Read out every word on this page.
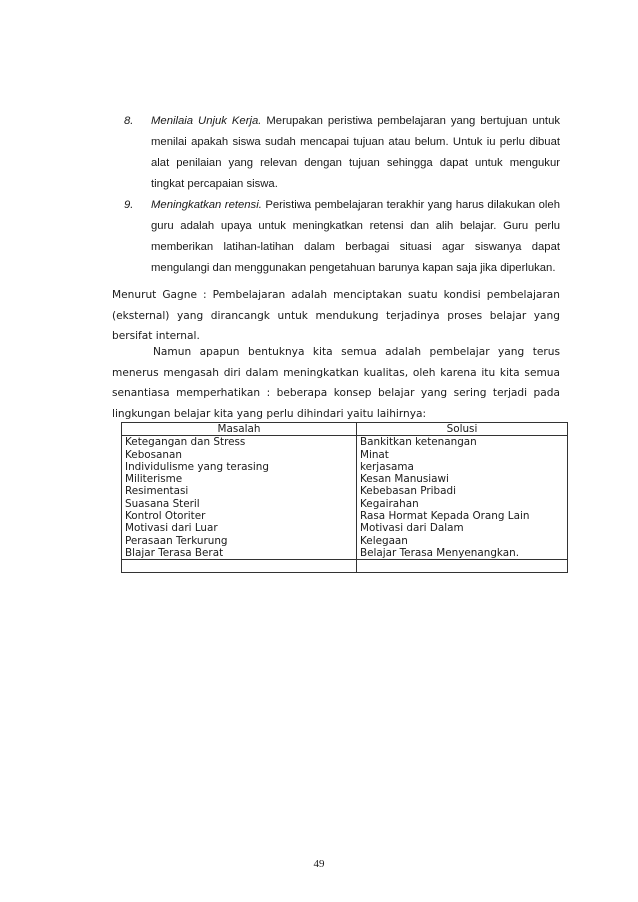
8. Menilaia Unjuk Kerja. Merupakan peristiwa pembelajaran yang bertujuan untuk menilai apakah siswa sudah mencapai tujuan atau belum. Untuk iu perlu dibuat alat penilaian yang relevan dengan tujuan sehingga dapat untuk mengukur tingkat percapaian siswa.
9. Meningkatkan retensi. Peristiwa pembelajaran terakhir yang harus dilakukan oleh guru adalah upaya untuk meningkatkan retensi dan alih belajar. Guru perlu memberikan latihan-latihan dalam berbagai situasi agar siswanya dapat mengulangi dan menggunakan pengetahuan barunya kapan saja jika diperlukan.

Menurut Gagne : Pembelajaran adalah menciptakan suatu kondisi pembelajaran (eksternal) yang dirancangk untuk mendukung terjadinya proses belajar yang bersifat internal.

Namun apapun bentuknya kita semua adalah pembelajar yang terus menerus mengasah diri dalam meningkatkan kualitas, oleh karena itu kita semua senantiasa memperhatikan : beberapa konsep belajar yang sering terjadi pada lingkungan belajar kita yang perlu dihindari yaitu laihirnya:

Masalah	Solusi
Ketegangan dan Stress	Bankitkan ketenangan
Kebosanan	Minat
Individulisme yang terasing	kerjasama
Militerisme	Kesan Manusiawi
Resimentasi	Kebebasan Pribadi
Suasana Steril	Kegairahan
Kontrol Otoriter	Rasa Hormat Kepada Orang Lain
Motivasi dari Luar	Motivasi dari Dalam
Perasaan Terkurung	Kelegaan
Blajar Terasa Berat	Belajar Terasa Menyenangkan.

49
